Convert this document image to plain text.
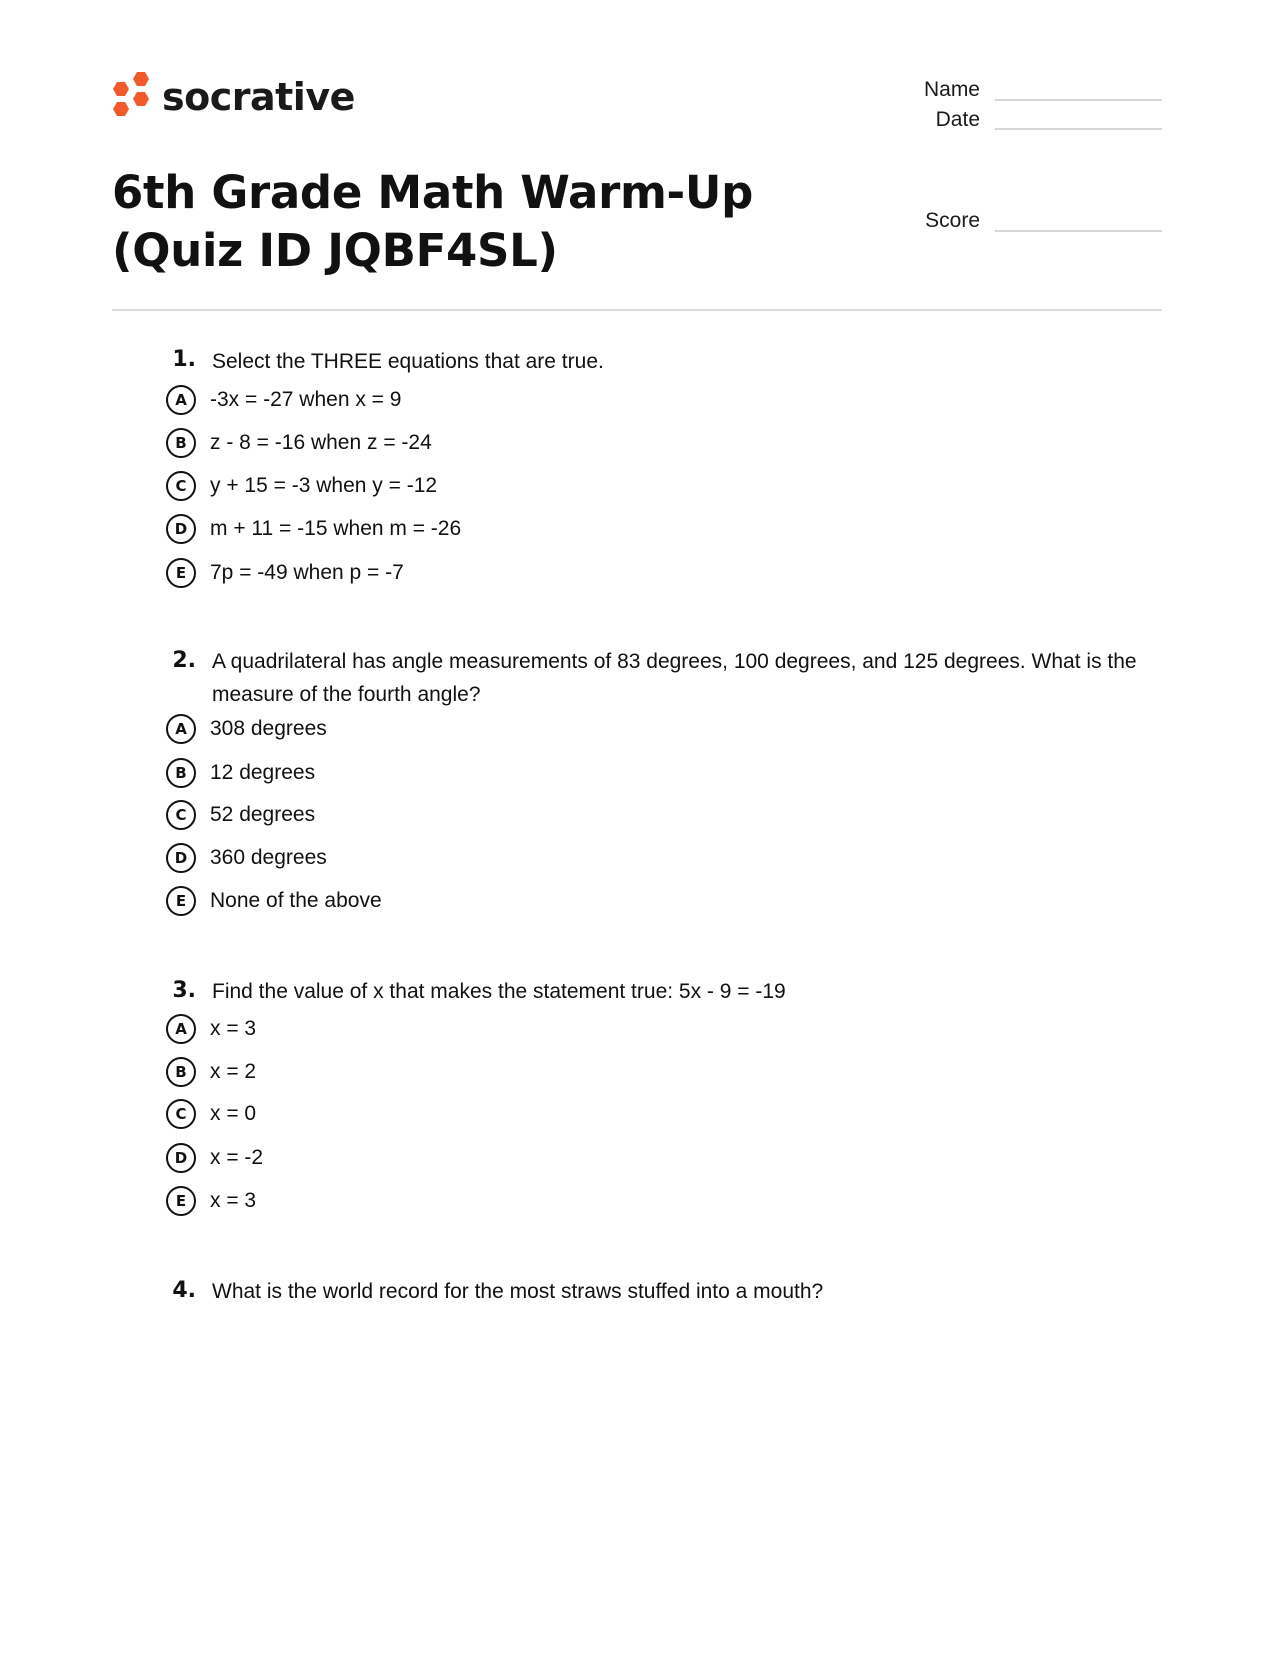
socrative	Name
Date
Score
6th Grade Math Warm-Up (Quiz ID JQBF4SL)
1. Select the THREE equations that are true.
A	-3x = -27 when x = 9
B	z - 8 = -16 when z = -24
C	y + 15 = -3 when y = -12
D	m + 11 = -15 when m = -26
E	7p = -49 when p = -7
2. A quadrilateral has angle measurements of 83 degrees, 100 degrees, and 125 degrees. What is the measure of the fourth angle?
A	308 degrees
B	12 degrees
C	52 degrees
D	360 degrees
E	None of the above
3. Find the value of x that makes the statement true: 5x - 9 = -19
A	x = 3
B	x = 2
C	x = 0
D	x = -2
E	x = 3
4. What is the world record for the most straws stuffed into a mouth?
